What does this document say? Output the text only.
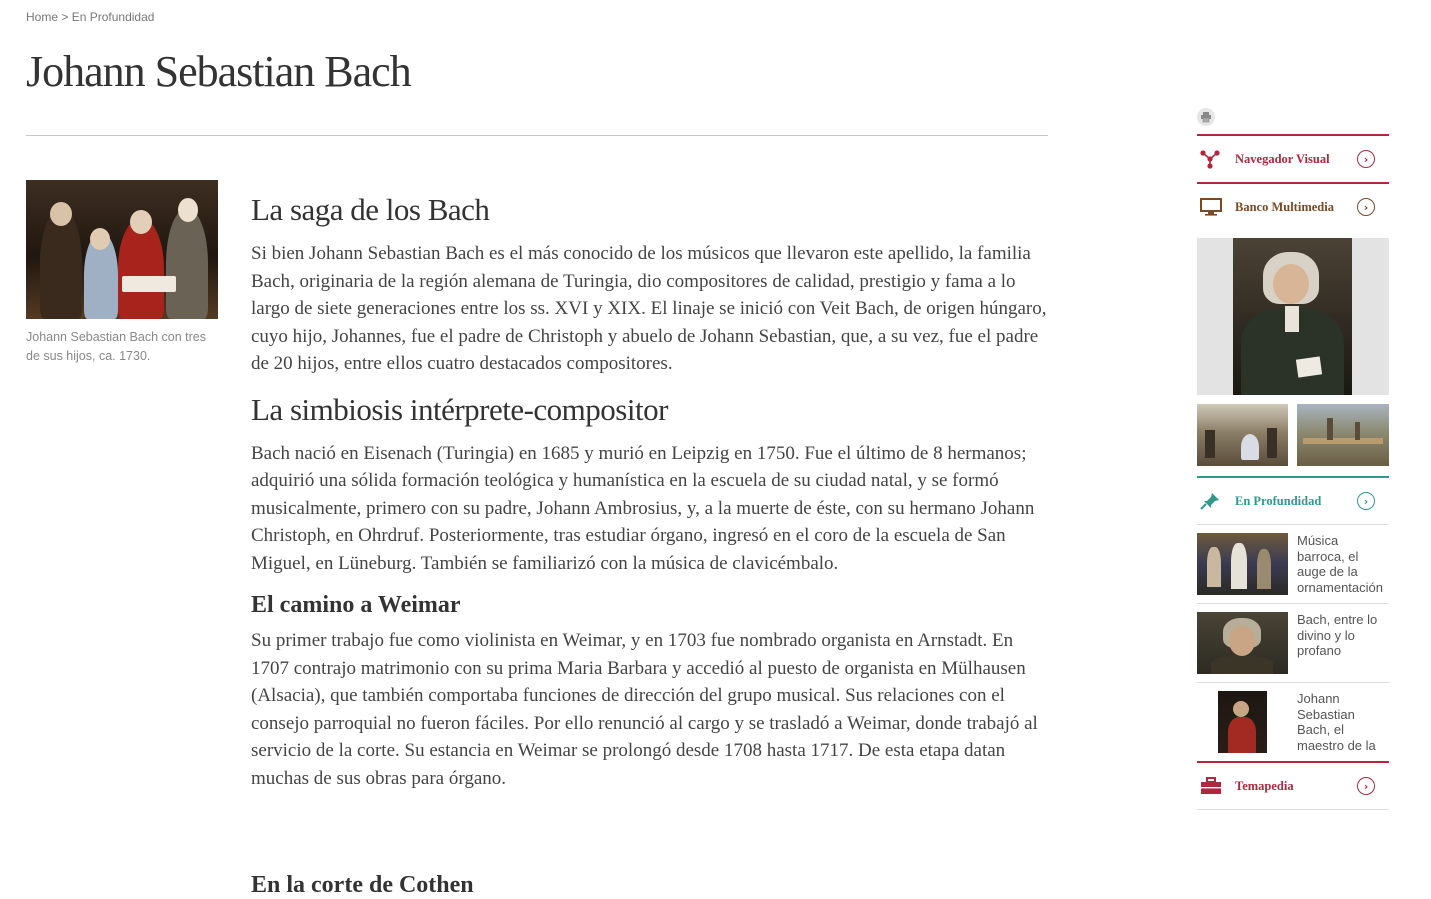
Home > En Profundidad
Johann Sebastian Bach
Johann Sebastian Bach con tres de sus hijos, ca. 1730.
La saga de los Bach

Si bien Johann Sebastian Bach es el más conocido de los músicos que llevaron este apellido, la familia Bach, originaria de la región alemana de Turingia, dio compositores de calidad, prestigio y fama a lo largo de siete generaciones entre los ss. XVI y XIX. El linaje se inició con Veit Bach, de origen húngaro, cuyo hijo, Johannes, fue el padre de Christoph y abuelo de Johann Sebastian, que, a su vez, fue el padre de 20 hijos, entre ellos cuatro destacados compositores.

La simbiosis intérprete-compositor

Bach nació en Eisenach (Turingia) en 1685 y murió en Leipzig en 1750. Fue el último de 8 hermanos; adquirió una sólida formación teológica y humanística en la escuela de su ciudad natal, y se formó musicalmente, primero con su padre, Johann Ambrosius, y, a la muerte de éste, con su hermano Johann Christoph, en Ohrdruf. Posteriormente, tras estudiar órgano, ingresó en el coro de la escuela de San Miguel, en Lüneburg. También se familiarizó con la música de clavicémbalo.

El camino a Weimar

Su primer trabajo fue como violinista en Weimar, y en 1703 fue nombrado organista en Arnstadt. En 1707 contrajo matrimonio con su prima Maria Barbara y accedió al puesto de organista en Mülhausen (Alsacia), que también comportaba funciones de dirección del grupo musical. Sus relaciones con el consejo parroquial no fueron fáciles. Por ello renunció al cargo y se trasladó a Weimar, donde trabajó al servicio de la corte. Su estancia en Weimar se prolongó desde 1708 hasta 1717. De esta etapa datan muchas de sus obras para órgano.

En la corte de Cothen
Navegador Visual	›
Banco Multimedia	›
En Profundidad	›
Música barroca, el auge de la ornamentación
Bach, entre lo divino y lo profano
Johann Sebastian Bach, el maestro de la
Temapedia	›
